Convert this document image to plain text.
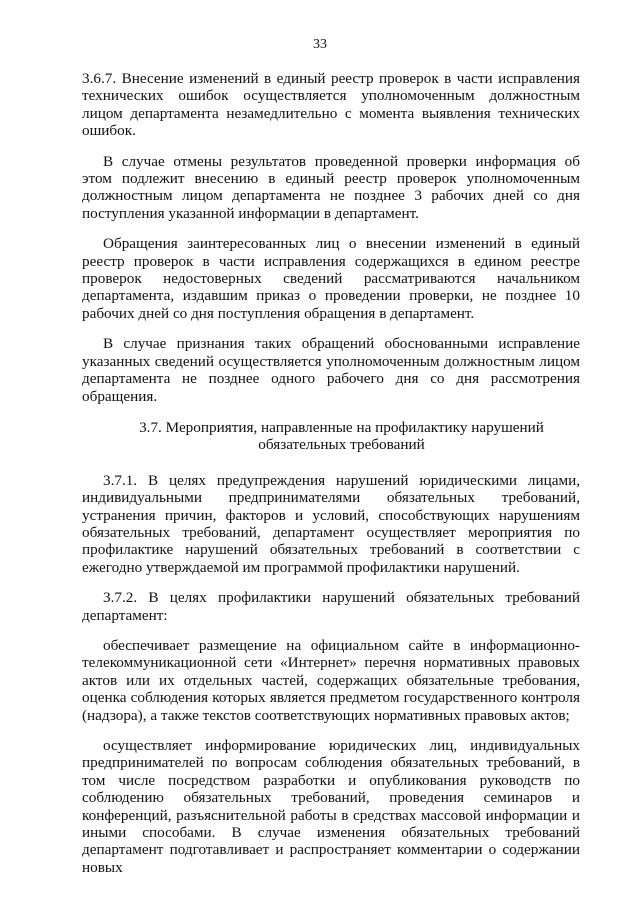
33

3.6.7. Внесение изменений в единый реестр проверок в части исправления технических ошибок осуществляется уполномоченным должностным лицом департамента незамедлительно с момента выявления технических ошибок.

В случае отмены результатов проведенной проверки информация об этом подлежит внесению в единый реестр проверок уполномоченным должностным лицом департамента не позднее 3 рабочих дней со дня поступления указанной информации в департамент.

Обращения заинтересованных лиц о внесении изменений в единый реестр проверок в части исправления содержащихся в едином реестре проверок недостоверных сведений рассматриваются начальником департамента, издавшим приказ о проведении проверки, не позднее 10 рабочих дней со дня поступления обращения в департамент.

В случае признания таких обращений обоснованными исправление указанных сведений осуществляется уполномоченным должностным лицом департамента не позднее одного рабочего дня со дня рассмотрения обращения.

3.7. Мероприятия, направленные на профилактику нарушений
обязательных требований

3.7.1. В целях предупреждения нарушений юридическими лицами, индивидуальными предпринимателями обязательных требований, устранения причин, факторов и условий, способствующих нарушениям обязательных требований, департамент осуществляет мероприятия по профилактике нарушений обязательных требований в соответствии с ежегодно утверждаемой им программой профилактики нарушений.

3.7.2. В целях профилактики нарушений обязательных требований департамент:

обеспечивает размещение на официальном сайте в информационно-телекоммуникационной сети «Интернет» перечня нормативных правовых актов или их отдельных частей, содержащих обязательные требования, оценка соблюдения которых является предметом государственного контроля (надзора), а также текстов соответствующих нормативных правовых актов;

осуществляет информирование юридических лиц, индивидуальных предпринимателей по вопросам соблюдения обязательных требований, в том числе посредством разработки и опубликования руководств по соблюдению обязательных требований, проведения семинаров и конференций, разъяснительной работы в средствах массовой информации и иными способами. В случае изменения обязательных требований департамент подготавливает и распространяет комментарии о содержании новых
